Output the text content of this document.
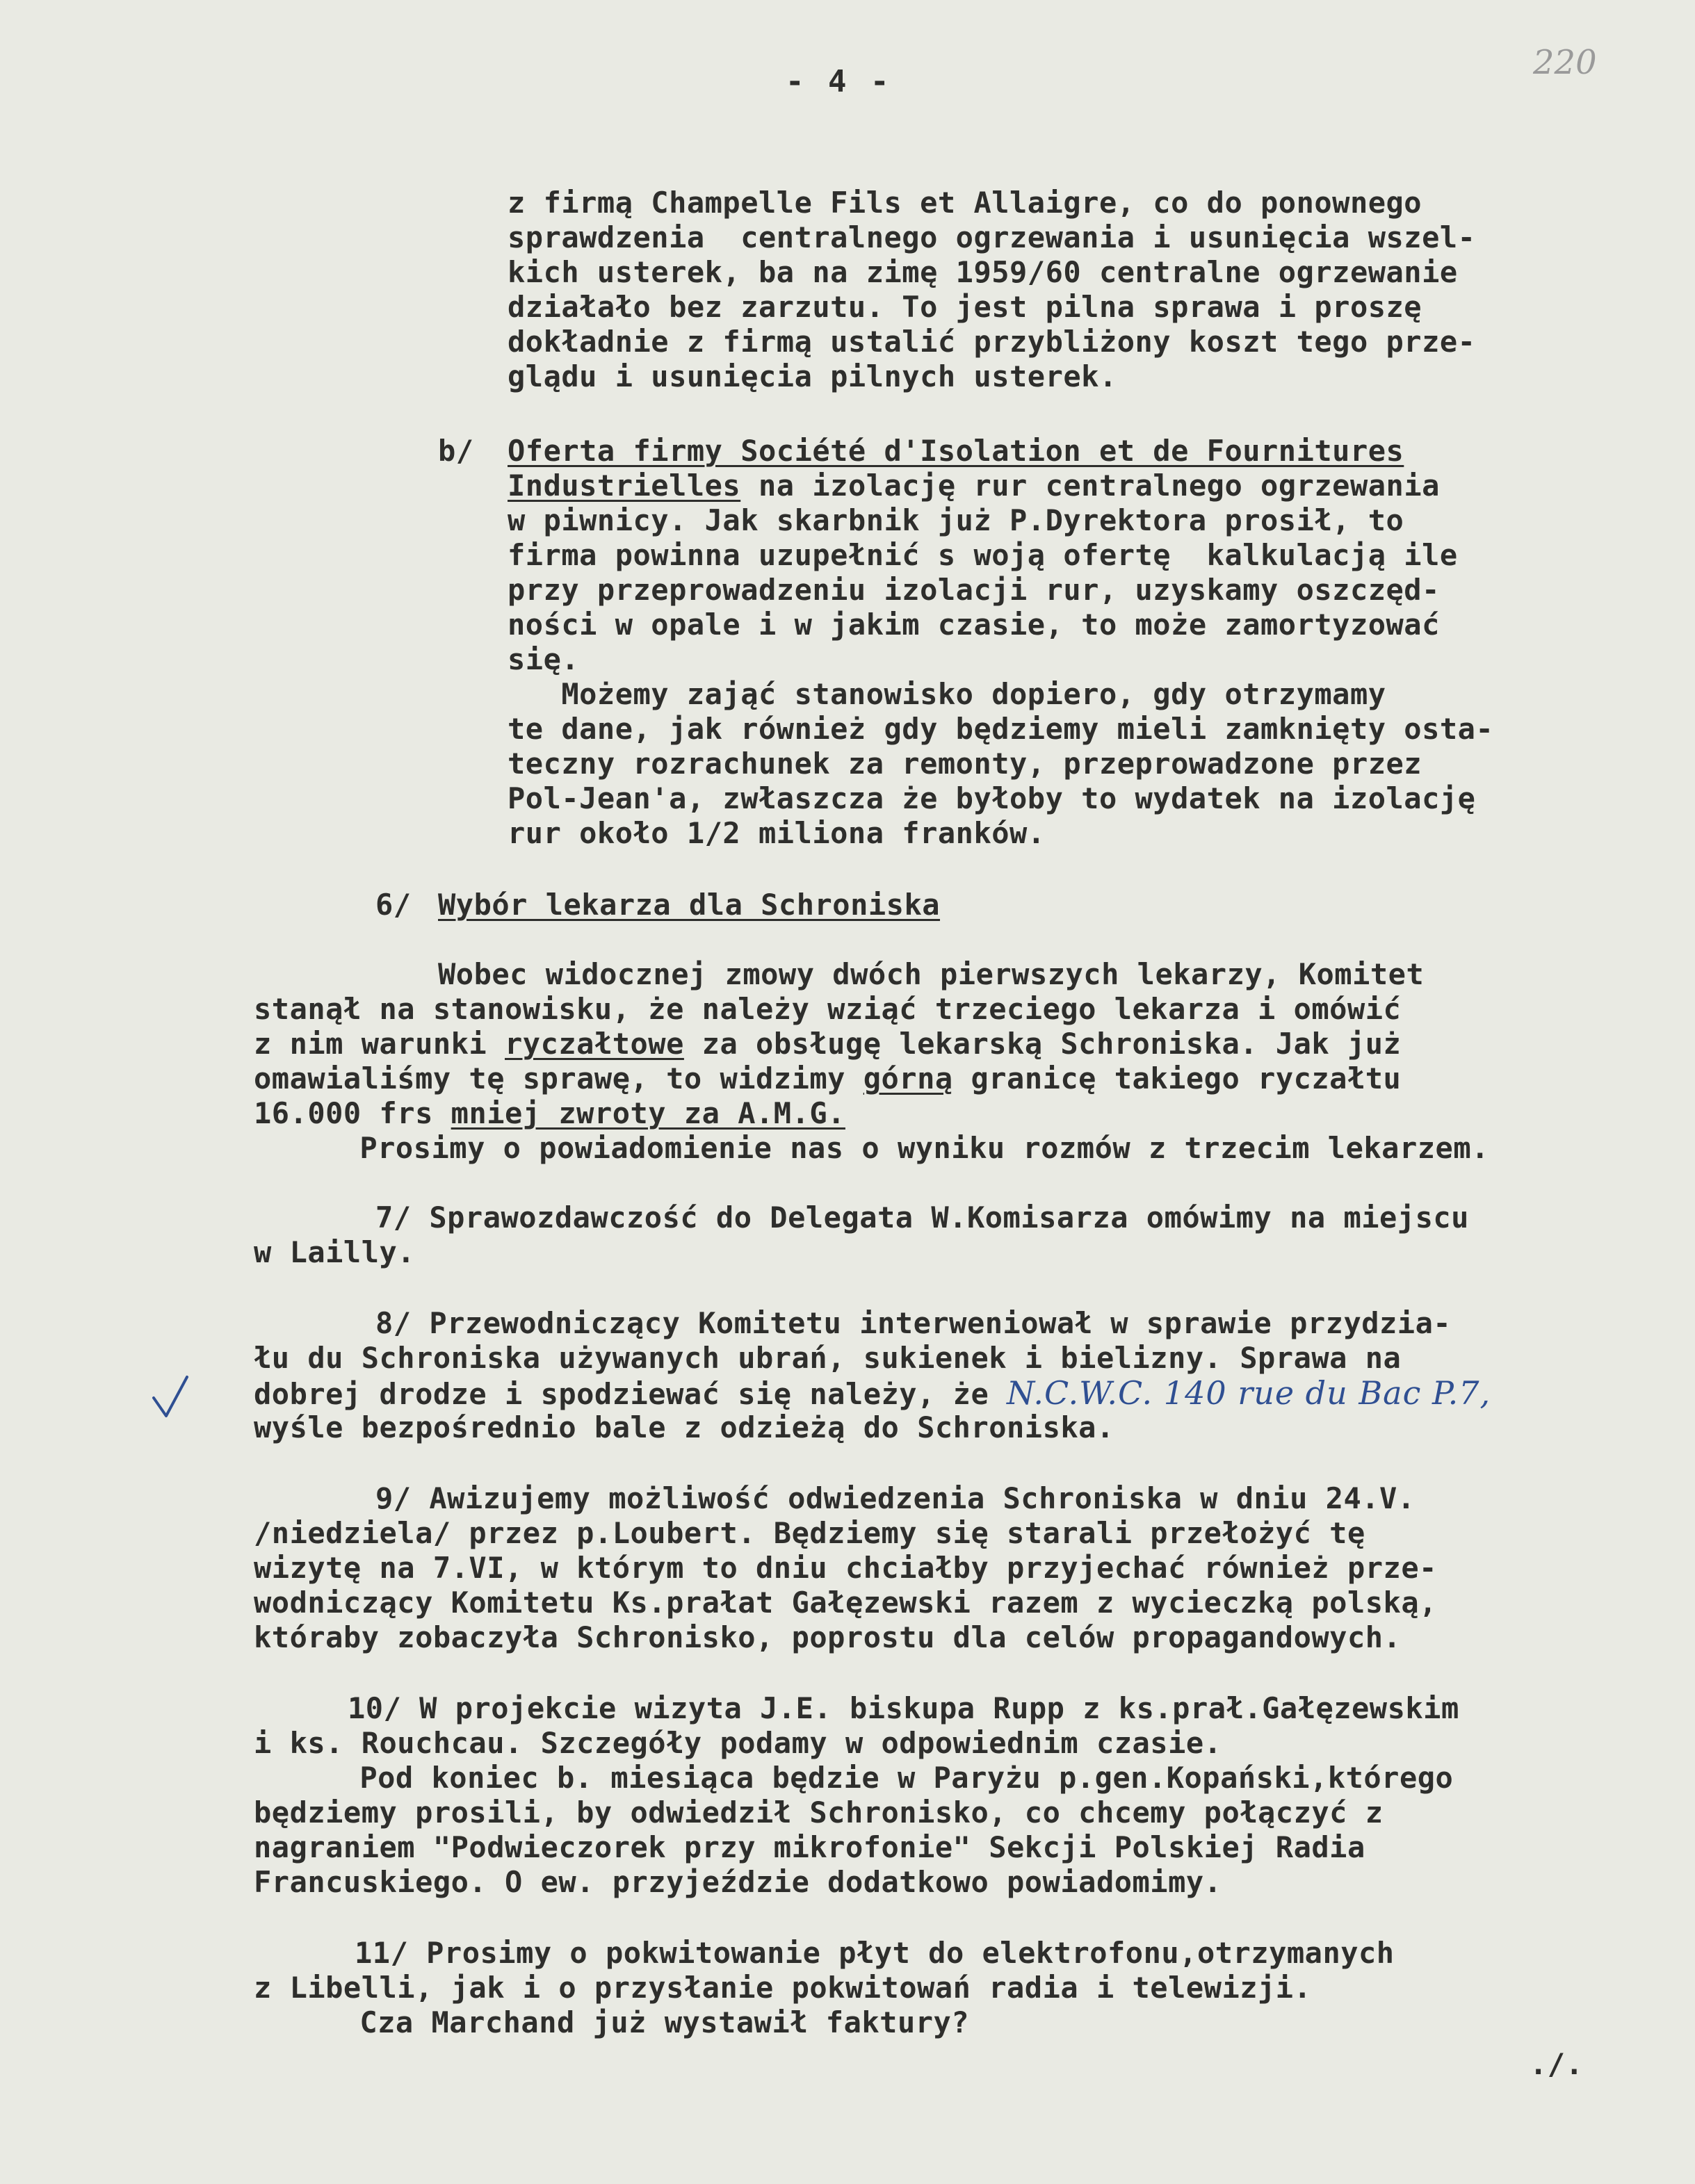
- 4 -	220
z firmą Champelle Fils et Allaigre, co do ponownego
sprawdzenia  centralnego ogrzewania i usunięcia wszel-
kich usterek, ba na zimę 1959/60 centralne ogrzewanie
działało bez zarzutu. To jest pilna sprawa i proszę
dokładnie z firmą ustalić przybliżony koszt tego prze-
glądu i usunięcia pilnych usterek.
b/ Oferta firmy Société d'Isolation et de Fournitures
Industrielles na izolację rur centralnego ogrzewania
w piwnicy. Jak skarbnik już P.Dyrektora prosił, to
firma powinna uzupełnić s woją ofertę  kalkulacją ile
przy przeprowadzeniu izolacji rur, uzyskamy oszczęd-
ności w opale i w jakim czasie, to może zamortyzować
się.
Możemy zająć stanowisko dopiero, gdy otrzymamy
te dane, jak również gdy będziemy mieli zamknięty osta-
teczny rozrachunek za remonty, przeprowadzone przez
Pol-Jean'a, zwłaszcza że byłoby to wydatek na izolację
rur około 1/2 miliona franków.
6/ Wybór lekarza dla Schroniska
Wobec widocznej zmowy dwóch pierwszych lekarzy, Komitet
stanął na stanowisku, że należy wziąć trzeciego lekarza i omówić
z nim warunki ryczałtowe za obsługę lekarską Schroniska. Jak już
omawialiśmy tę sprawę, to widzimy górną granicę takiego ryczałtu
16.000 frs mniej zwroty za A.M.G.
Prosimy o powiadomienie nas o wyniku rozmów z trzecim lekarzem.
7/ Sprawozdawczość do Delegata W.Komisarza omówimy na miejscu
w Lailly.
8/ Przewodniczący Komitetu interweniował w sprawie przydzia-
łu du Schroniska używanych ubrań, sukienek i bielizny. Sprawa na
dobrej drodze i spodziewać się należy, że N.C.W.C. 140 rue du Bac P.7,
wyśle bezpośrednio bale z odzieżą do Schroniska.
9/ Awizujemy możliwość odwiedzenia Schroniska w dniu 24.V.
/niedziela/ przez p.Loubert. Będziemy się starali przełożyć tę
wizytę na 7.VI, w którym to dniu chciałby przyjechać również prze-
wodniczący Komitetu Ks.prałat Gałęzewski razem z wycieczką polską,
któraby zobaczyła Schronisko, poprostu dla celów propagandowych.
10/ W projekcie wizyta J.E. biskupa Rupp z ks.prał.Gałęzewskim
i ks. Rouchcau. Szczegóły podamy w odpowiednim czasie.
Pod koniec b. miesiąca będzie w Paryżu p.gen.Kopański,którego
będziemy prosili, by odwiedził Schronisko, co chcemy połączyć z
nagraniem "Podwieczorek przy mikrofonie" Sekcji Polskiej Radia
Francuskiego. O ew. przyjeździe dodatkowo powiadomimy.
11/ Prosimy o pokwitowanie płyt do elektrofonu,otrzymanych
z Libelli, jak i o przysłanie pokwitowań radia i telewizji.
Cza Marchand już wystawił faktury?
./.
